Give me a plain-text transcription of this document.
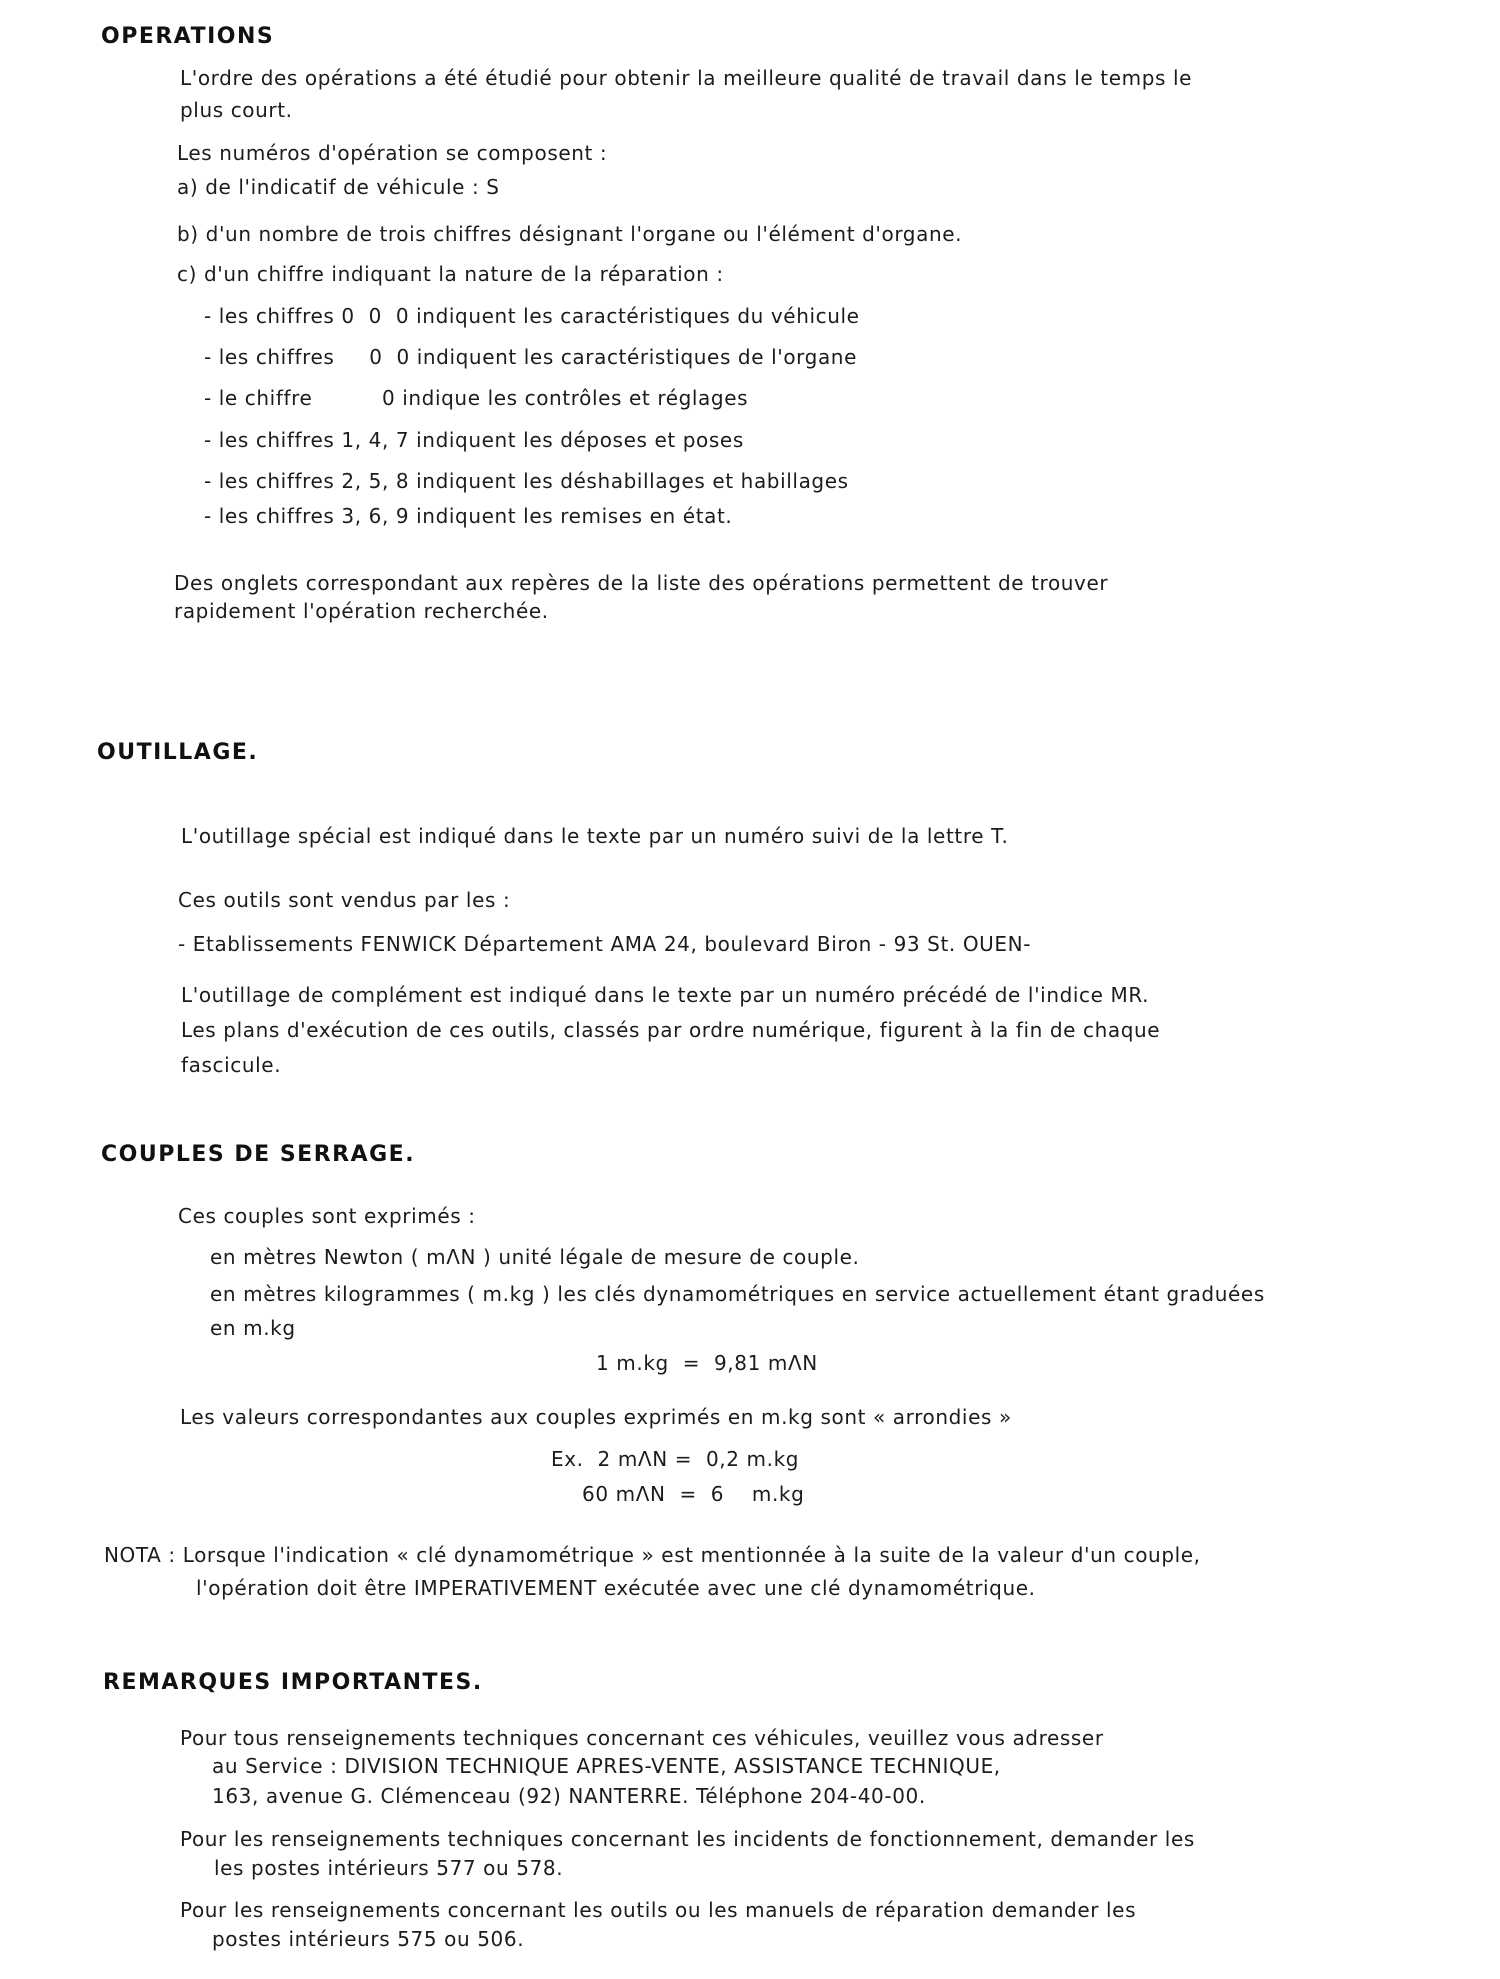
OPERATIONS

L'ordre des opérations a été étudié pour obtenir la meilleure qualité de travail dans le temps le

plus court.

Les numéros d'opération se composent :

a) de l'indicatif de véhicule : S

b) d'un nombre de trois chiffres désignant l'organe ou l'élément d'organe.

c) d'un chiffre indiquant la nature de la réparation :

- les chiffres 0  0  0 indiquent les caractéristiques du véhicule

- les chiffres     0  0 indiquent les caractéristiques de l'organe

- le chiffre          0 indique les contrôles et réglages

- les chiffres 1, 4, 7 indiquent les déposes et poses

- les chiffres 2, 5, 8 indiquent les déshabillages et habillages

- les chiffres 3, 6, 9 indiquent les remises en état.

Des onglets correspondant aux repères de la liste des opérations permettent de trouver

rapidement l'opération recherchée.

OUTILLAGE.

L'outillage spécial est indiqué dans le texte par un numéro suivi de la lettre T.

Ces outils sont vendus par les :

- Etablissements FENWICK Département AMA 24, boulevard Biron - 93 St. OUEN-

L'outillage de complément est indiqué dans le texte par un numéro précédé de l'indice MR.

Les plans d'exécution de ces outils, classés par ordre numérique, figurent à la fin de chaque

fascicule.

COUPLES DE SERRAGE.

Ces couples sont exprimés :

en mètres Newton ( mΛN ) unité légale de mesure de couple.

en mètres kilogrammes ( m.kg ) les clés dynamométriques en service actuellement étant graduées

en m.kg

1 m.kg  =  9,81 mΛN

Les valeurs correspondantes aux couples exprimés en m.kg sont « arrondies »

Ex.  2 mΛN =  0,2 m.kg

60 mΛN  =  6    m.kg

NOTA : Lorsque l'indication « clé dynamométrique » est mentionnée à la suite de la valeur d'un couple,

l'opération doit être IMPERATIVEMENT exécutée avec une clé dynamométrique.

REMARQUES IMPORTANTES.

Pour tous renseignements techniques concernant ces véhicules, veuillez vous adresser

au Service : DIVISION TECHNIQUE APRES-VENTE, ASSISTANCE TECHNIQUE,

163, avenue G. Clémenceau (92) NANTERRE. Téléphone 204-40-00.

Pour les renseignements techniques concernant les incidents de fonctionnement, demander les

les postes intérieurs 577 ou 578.

Pour les renseignements concernant les outils ou les manuels de réparation demander les

postes intérieurs 575 ou 506.
